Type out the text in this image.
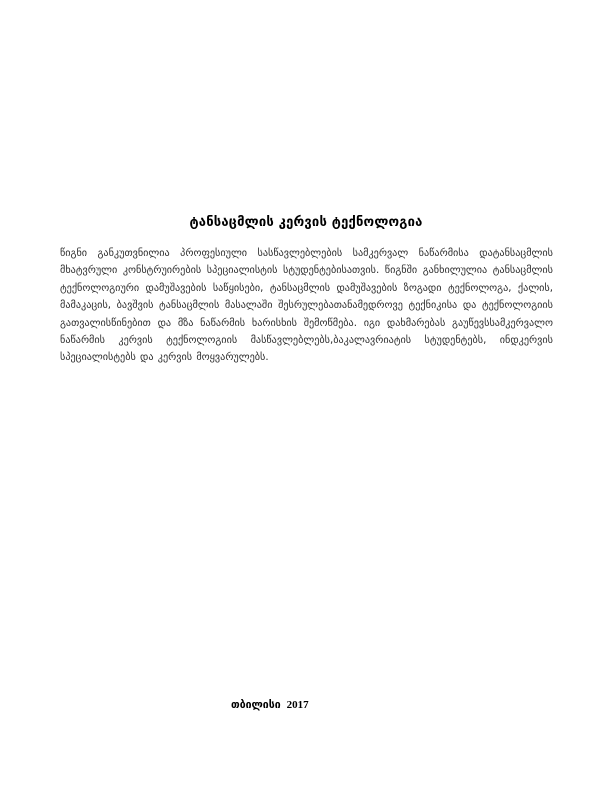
ტანსაცმლის კერვის ტექნოლოგია

წიგნი განკუთვნილია პროფესიული სასწავლებლების სამკერვალ ნაწარმისა დატანსაცმლის მხატვრული კონსტრუირების სპეციალისტის სტუდენტებისათვის. წიგნში განხილულია ტანსაცმლის ტექნოლოგიური დამუშავების საწყისები, ტანსაცმლის დამუშავების ზოგადი ტექნოლოგა, ქალის, მამაკაცის, ბავშვის ტანსაცმლის მასალაში შესრულებათანამედროვე ტექნიკისა და ტექნოლოგიის გათვალისწინებით და მზა ნაწარმის ხარისხის შემოწმება. იგი დახმარებას გაუწევსსამკერვალო ნაწარმის კერვის ტექნოლოგიის მასწავლებლებს,ბაკალავრიატის სტუდენტებს, ინდკერვის სპეციალისტებს და კერვის მოყვარულებს.

თბილისი 2017
